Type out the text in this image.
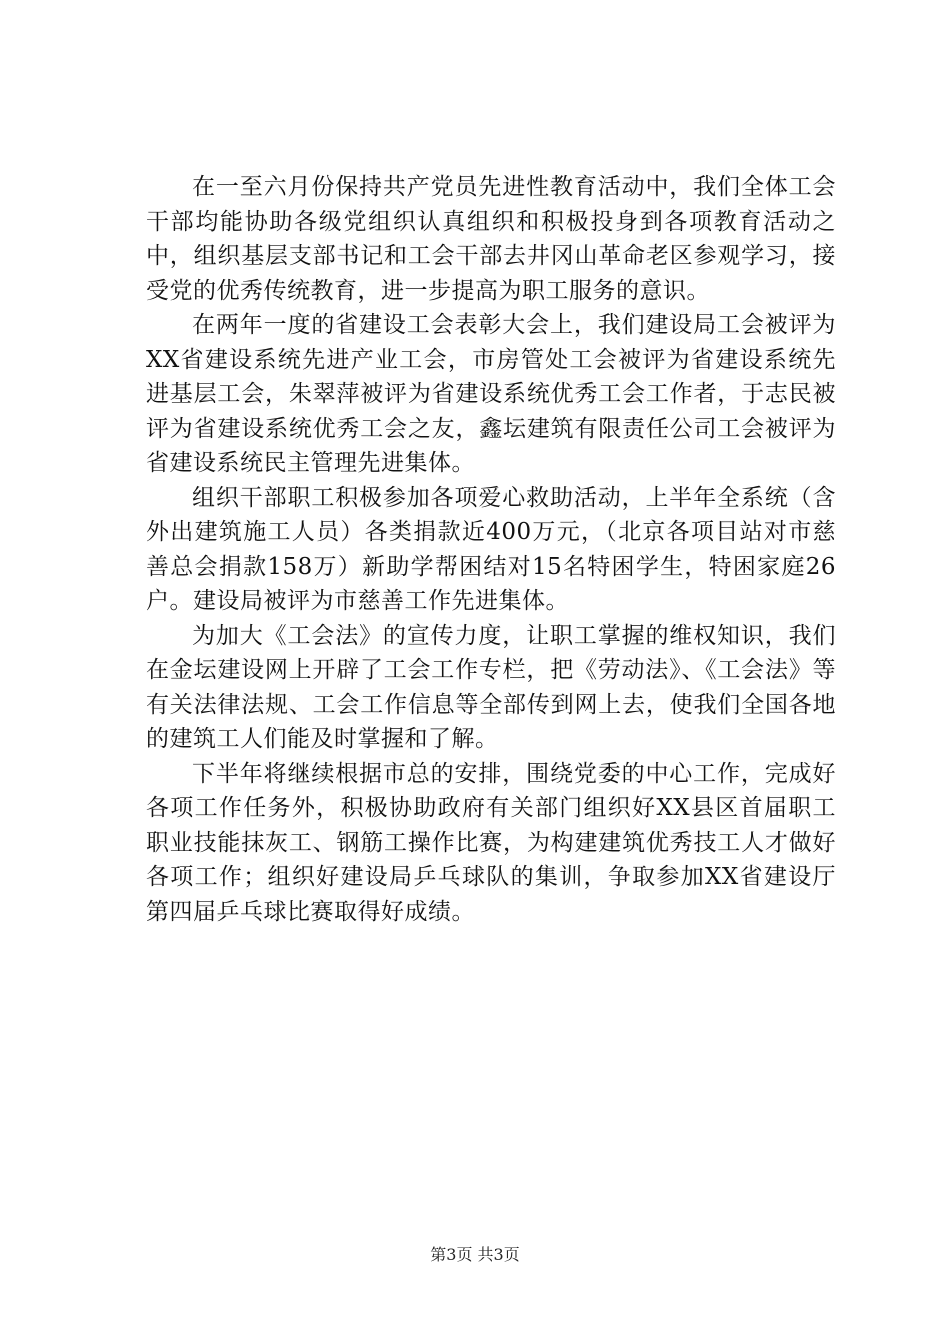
在一至六月份保持共产党员先进性教育活动中，我们全体工会干部均能协助各级党组织认真组织和积极投身到各项教育活动之中，组织基层支部书记和工会干部去井冈山革命老区参观学习，接受党的优秀传统教育，进一步提高为职工服务的意识。

在两年一度的省建设工会表彰大会上，我们建设局工会被评为XX省建设系统先进产业工会，市房管处工会被评为省建设系统先进基层工会，朱翠萍被评为省建设系统优秀工会工作者，于志民被评为省建设系统优秀工会之友，鑫坛建筑有限责任公司工会被评为省建设系统民主管理先进集体。

组织干部职工积极参加各项爱心救助活动，上半年全系统（含外出建筑施工人员）各类捐款近400万元，（北京各项目站对市慈善总会捐款158万）新助学帮困结对15名特困学生，特困家庭26户。建设局被评为市慈善工作先进集体。

为加大《工会法》的宣传力度，让职工掌握的维权知识，我们在金坛建设网上开辟了工会工作专栏，把《劳动法》、《工会法》等有关法律法规、工会工作信息等全部传到网上去，使我们全国各地的建筑工人们能及时掌握和了解。

下半年将继续根据市总的安排，围绕党委的中心工作，完成好各项工作任务外，积极协助政府有关部门组织好XX县区首届职工职业技能抹灰工、钢筋工操作比赛，为构建建筑优秀技工人才做好各项工作；组织好建设局乒乓球队的集训，争取参加XX省建设厅第四届乒乓球比赛取得好成绩。

第3页 共3页
